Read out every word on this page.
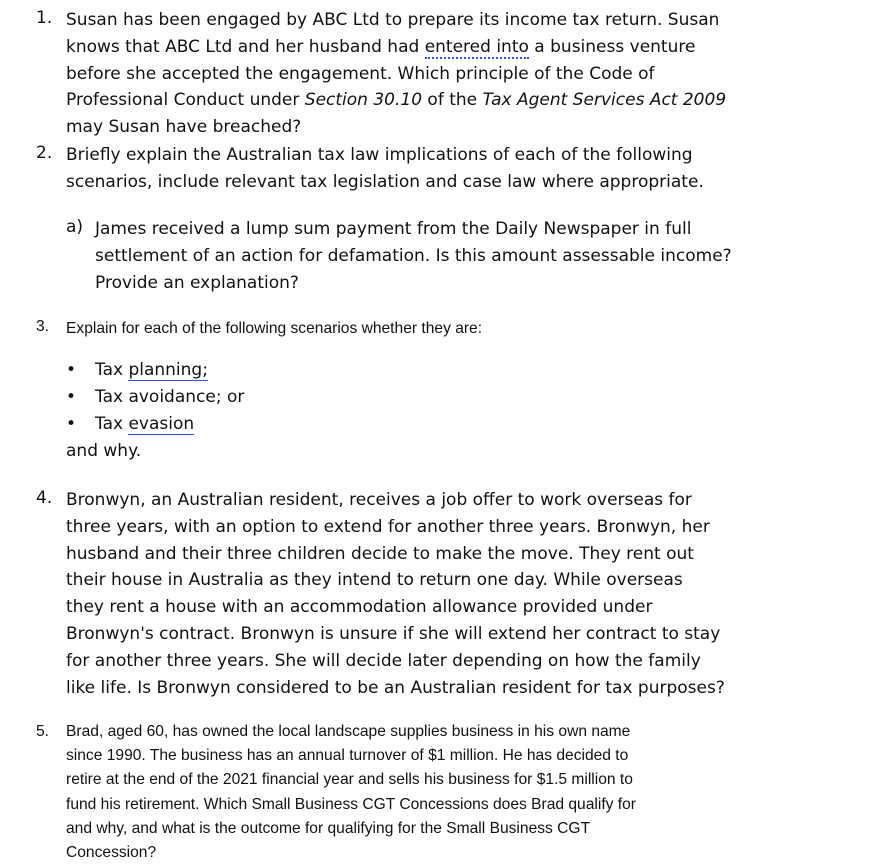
1. Susan has been engaged by ABC Ltd to prepare its income tax return. Susan
knows that ABC Ltd and her husband had entered into a business venture
before she accepted the engagement. Which principle of the Code of
Professional Conduct under Section 30.10 of the Tax Agent Services Act 2009
may Susan have breached?
2. Briefly explain the Australian tax law implications of each of the following
scenarios, include relevant tax legislation and case law where appropriate.
a) James received a lump sum payment from the Daily Newspaper in full
settlement of an action for defamation. Is this amount assessable income?
Provide an explanation?
3. Explain for each of the following scenarios whether they are:
• Tax planning;
• Tax avoidance; or
• Tax evasion
and why.
4. Bronwyn, an Australian resident, receives a job offer to work overseas for
three years, with an option to extend for another three years. Bronwyn, her
husband and their three children decide to make the move. They rent out
their house in Australia as they intend to return one day. While overseas
they rent a house with an accommodation allowance provided under
Bronwyn's contract. Bronwyn is unsure if she will extend her contract to stay
for another three years. She will decide later depending on how the family
like life. Is Bronwyn considered to be an Australian resident for tax purposes?
5. Brad, aged 60, has owned the local landscape supplies business in his own name
since 1990. The business has an annual turnover of $1 million. He has decided to
retire at the end of the 2021 financial year and sells his business for $1.5 million to
fund his retirement. Which Small Business CGT Concessions does Brad qualify for
and why, and what is the outcome for qualifying for the Small Business CGT
Concession?
